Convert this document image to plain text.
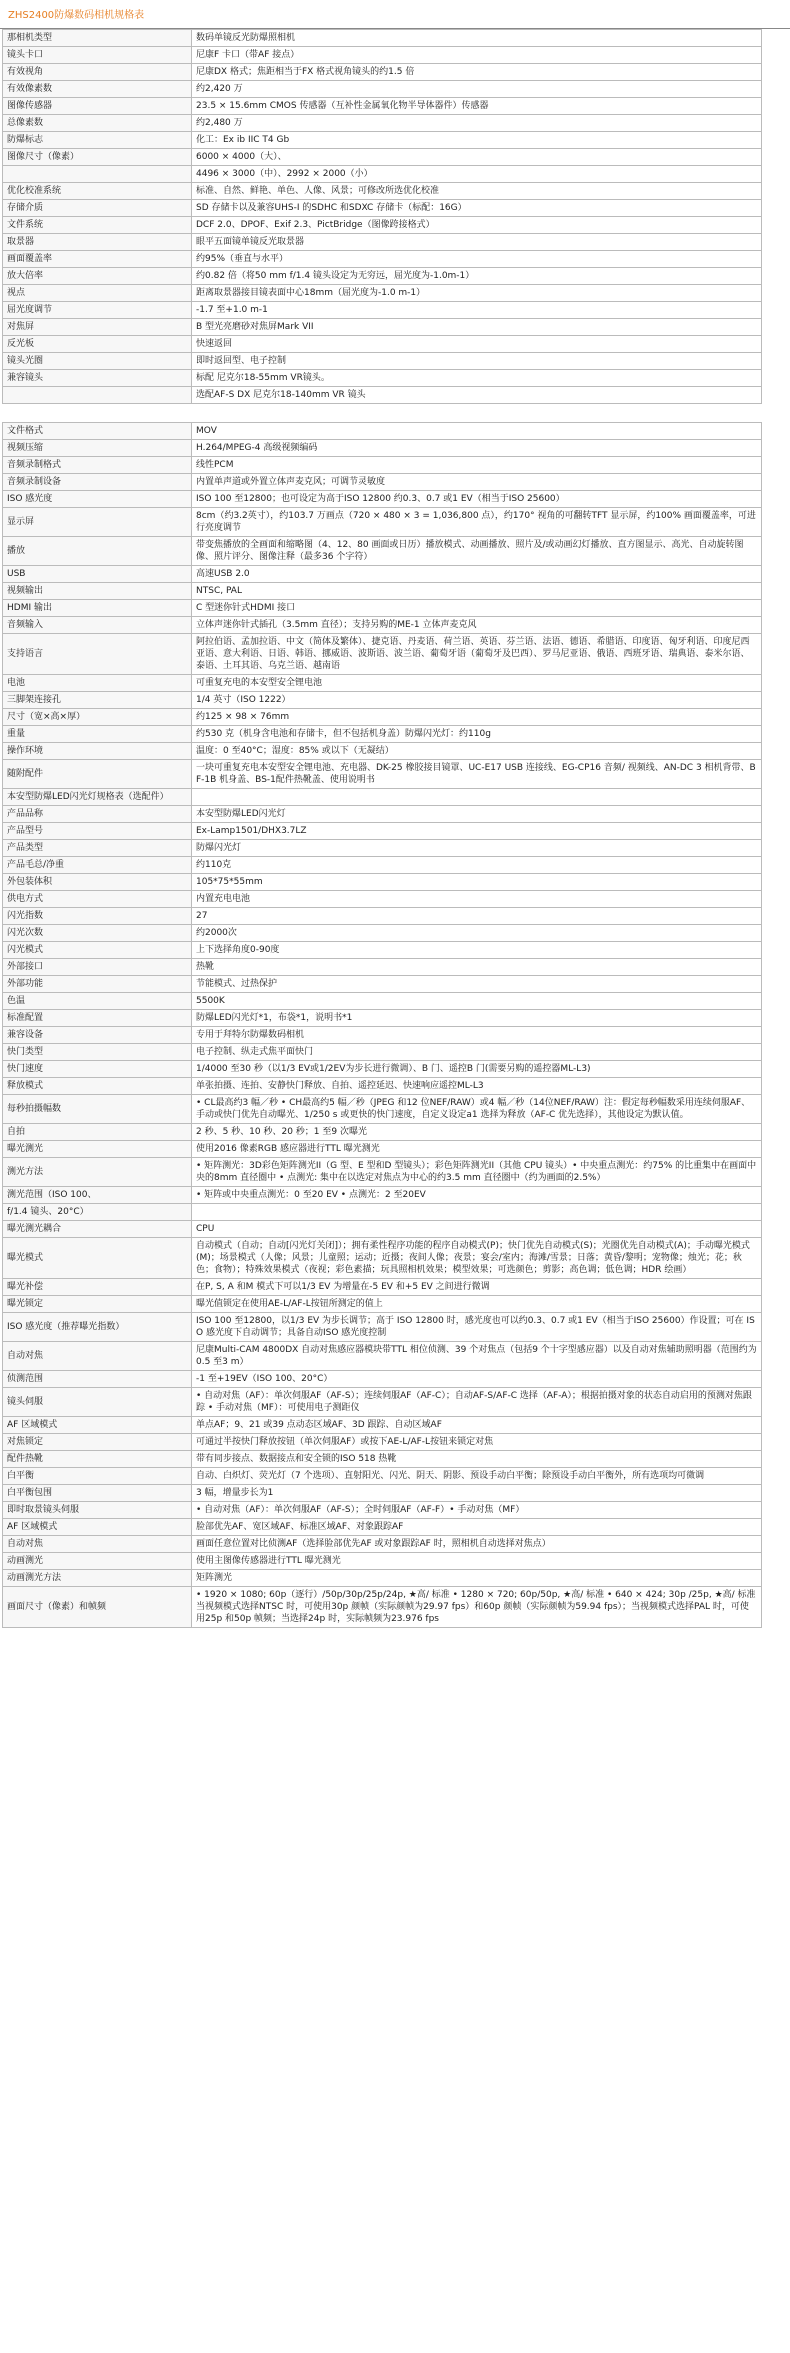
ZHS2400防爆数码相机规格表
那相机类型	数码单镜反光防爆照相机
镜头卡口	尼康F 卡口（带AF 接点）
有效视角	尼康DX 格式；焦距相当于FX 格式视角镜头的约1.5 倍
有效像素数	约2,420 万
图像传感器	23.5 × 15.6mm CMOS 传感器（互补性金属氧化物半导体器件）传感器
总像素数	约2,480 万
防爆标志	化工：Ex ib IIC T4 Gb
图像尺寸（像素）	6000 × 4000（大）、
	4496 × 3000（中）、2992 × 2000（小）
优化校准系统	标准、自然、鲜艳、单色、人像、风景；可修改所选优化校准
存储介质	SD 存储卡以及兼容UHS-I 的SDHC 和SDXC 存储卡（标配：16G）
文件系统	DCF 2.0、DPOF、Exif 2.3、PictBridge（图像跨接格式）
取景器	眼平五面镜单镜反光取景器
画面覆盖率	约95%（垂直与水平）
放大倍率	约0.82 倍（将50 mm f/1.4 镜头设定为无穷远，屈光度为-1.0m-1）
视点	距离取景器接目镜表面中心18mm（屈光度为-1.0 m-1）
屈光度调节	-1.7 至+1.0 m-1
对焦屏	B 型光亮磨砂对焦屏Mark VII
反光板	快速返回
镜头光圈	即时返回型、电子控制
兼容镜头	标配 尼克尔18-55mm VR镜头。
	选配AF-S DX 尼克尔18-140mm VR 镜头

文件格式	MOV
视频压缩	H.264/MPEG-4 高级视频编码
音频录制格式	线性PCM
音频录制设备	内置单声道或外置立体声麦克风；可调节灵敏度
ISO 感光度	ISO 100 至12800；也可设定为高于ISO 12800 约0.3、0.7 或1 EV（相当于ISO 25600）
显示屏	8cm（约3.2英寸），约103.7 万画点（720 × 480 × 3 = 1,036,800 点），约170° 视角的可翻转TFT 显示屏，约100% 画面覆盖率，可进行亮度调节
播放	带变焦播放的全画面和缩略图（4、12、80 画面或日历）播放模式、动画播放、照片及/或动画幻灯播放、直方图显示、高光、自动旋转图像、照片评分、图像注释（最多36 个字符）
USB	高速USB 2.0
视频输出	NTSC, PAL
HDMI 输出	C 型迷你针式HDMI 接口
音频输入	立体声迷你针式插孔（3.5mm 直径）；支持另购的ME-1 立体声麦克风
支持语言	阿拉伯语、孟加拉语、中文（简体及繁体）、捷克语、丹麦语、荷兰语、英语、芬兰语、法语、德语、希腊语、印度语、匈牙利语、印度尼西亚语、意大利语、日语、韩语、挪威语、波斯语、波兰语、葡萄牙语（葡萄牙及巴西）、罗马尼亚语、俄语、西班牙语、瑞典语、泰米尔语、泰语、土耳其语、乌克兰语、越南语
电池	可重复充电的本安型安全锂电池
三脚架连接孔	1/4 英寸（ISO 1222）
尺寸（宽×高×厚）	约125 × 98 × 76mm
重量	约530 克（机身含电池和存储卡，但不包括机身盖）防爆闪光灯：约110g
操作环境	温度：0 至40°C；湿度：85% 或以下（无凝结）
随附配件	一块可重复充电本安型安全锂电池、充电器、DK-25 橡胶接目镜罩、UC-E17 USB 连接线、EG-CP16 音频/ 视频线、AN-DC 3 相机背带、BF-1B 机身盖、BS-1配件热靴盖、使用说明书
本安型防爆LED闪光灯规格表（选配件）	
产品品称	本安型防爆LED闪光灯
产品型号	Ex-Lamp1501/DHX3.7LZ
产品类型	防爆闪光灯
产品毛总/净重	约110克
外包装体积	105*75*55mm
供电方式	内置充电电池
闪光指数	27
闪光次数	约2000次
闪光模式	上下选择角度0-90度
外部接口	热靴
外部功能	节能模式、过热保护
色温	5500K
标准配置	防爆LED闪光灯*1，布袋*1，说明书*1
兼容设备	专用于拜特尔防爆数码相机
快门类型	电子控制、纵走式焦平面快门
快门速度	1/4000 至30 秒（以1/3 EV或1/2EV为步长进行微调）、B 门、遥控B 门(需要另购的遥控器ML-L3)
释放模式	单张拍摄、连拍、安静快门释放、自拍、遥控延迟、快速响应遥控ML-L3
每秒拍摄幅数	• CL最高约3 幅／秒 • CH最高约5 幅／秒（JPEG 和12 位NEF/RAW）或4 幅／秒（14位NEF/RAW）注：假定每秒幅数采用连续伺服AF、手动或快门优先自动曝光、1/250 s 或更快的快门速度，自定义设定a1 选择为释放（AF-C 优先选择），其他设定为默认值。
自拍	2 秒、5 秒、10 秒、20 秒；1 至9 次曝光
曝光测光	使用2016 像素RGB 感应器进行TTL 曝光测光
测光方法	• 矩阵测光：3D彩色矩阵测光II（G 型、E 型和D 型镜头）；彩色矩阵测光II（其他 CPU 镜头）• 中央重点测光：约75% 的比重集中在画面中央的8mm 直径圈中 • 点测光: 集中在以选定对焦点为中心的约3.5 mm 直径圈中（约为画面的2.5%）
测光范围（ISO 100、	• 矩阵或中央重点测光：0 至20 EV • 点测光：2 至20EV
f/1.4 镜头、20°C）	
曝光测光耦合	CPU
曝光模式	自动模式（自动；自动[闪光灯关闭]）；拥有柔性程序功能的程序自动模式(P)；快门优先自动模式(S)；光圈优先自动模式(A)；手动曝光模式(M)；场景模式（人像；风景；儿童照；运动；近摄；夜间人像；夜景；宴会/室内；海滩/雪景；日落；黄昏/黎明；宠物像；烛光；花；秋色；食物）；特殊效果模式（夜视；彩色素描；玩具照相机效果；模型效果；可选颜色；剪影；高色调；低色调；HDR 绘画）
曝光补偿	在P, S, A 和M 模式下可以1/3 EV 为增量在-5 EV 和+5 EV 之间进行微调
曝光锁定	曝光值锁定在使用AE-L/AF-L按钮所测定的值上
ISO 感光度（推荐曝光指数）	ISO 100 至12800，以1/3 EV 为步长调节；高于 ISO 12800 时，感光度也可以约0.3、0.7 或1 EV（相当于ISO 25600）作设置；可在 ISO 感光度下自动调节；具备自动ISO 感光度控制
自动对焦	尼康Multi-CAM 4800DX 自动对焦感应器模块带TTL 相位侦测、39 个对焦点（包括9 个十字型感应器）以及自动对焦辅助照明器（范围约为0.5 至3 m）
侦测范围	-1 至+19EV（ISO 100、20°C）
镜头伺服	• 自动对焦（AF）：单次伺服AF（AF-S）；连续伺服AF（AF-C）；自动AF-S/AF-C 选择（AF-A）；根据拍摄对象的状态自动启用的预测对焦跟踪 • 手动对焦（MF）：可使用电子测距仪
AF 区域模式	单点AF；9、21 或39 点动态区域AF、3D 跟踪、自动区域AF
对焦锁定	可通过半按快门释放按钮（单次伺服AF）或按下AE-L/AF-L按钮来锁定对焦
配件热靴	带有同步接点、数据接点和安全锁的ISO 518 热靴
白平衡	自动、白炽灯、荧光灯（7 个选项）、直射阳光、闪光、阴天、阴影、预设手动白平衡；除预设手动白平衡外，所有选项均可微调
白平衡包围	3 幅，增量步长为1
即时取景镜头伺服	• 自动对焦（AF）：单次伺服AF（AF-S）；全时伺服AF（AF-F）• 手动对焦（MF）
AF 区域模式	脸部优先AF、宽区域AF、标准区域AF、对象跟踪AF
自动对焦	画面任意位置对比侦测AF（选择脸部优先AF 或对象跟踪AF 时，照相机自动选择对焦点）
动画测光	使用主图像传感器进行TTL 曝光测光
动画测光方法	矩阵测光
画面尺寸（像素）和帧频	• 1920 × 1080; 60p（逐行）/50p/30p/25p/24p, ★高/ 标准 • 1280 × 720; 60p/50p, ★高/ 标准 • 640 × 424; 30p /25p, ★高/ 标准当视频模式选择NTSC 时，可使用30p 颜帧（实际颜帧为29.97 fps）和60p 颜帧（实际颜帧为59.94 fps）；当视频模式选择PAL 时，可使用25p 和50p 帧频；当选择24p 时，实际帧频为23.976 fps
